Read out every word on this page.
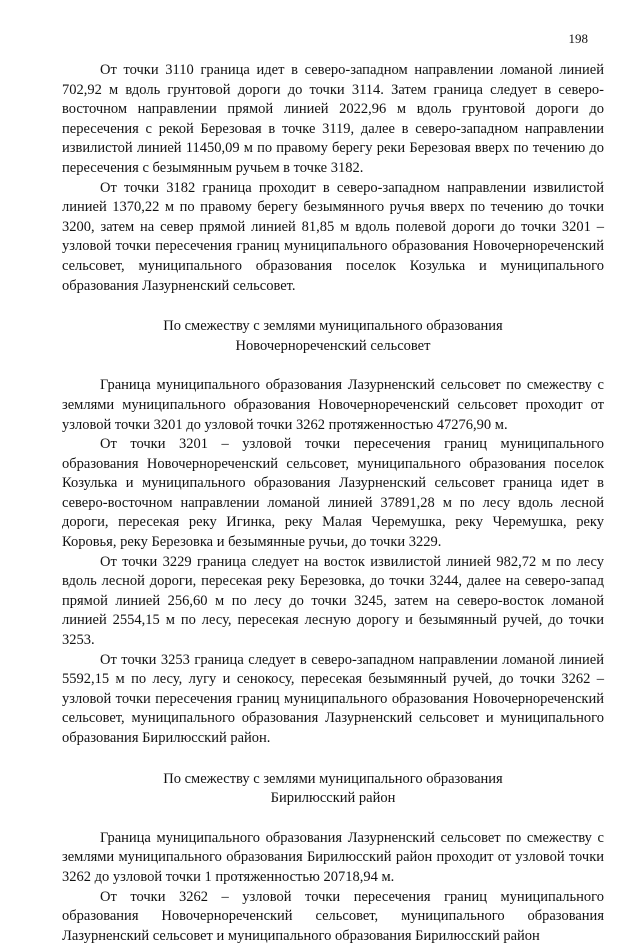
198

От точки 3110 граница идет в северо-западном направлении ломаной линией 702,92 м вдоль грунтовой дороги до точки 3114. Затем граница следует в северо-восточном направлении прямой линией 2022,96 м вдоль грунтовой дороги до пересечения с рекой Березовая в точке 3119, далее в северо-западном направлении извилистой линией 11450,09 м по правому берегу реки Березовая вверх по течению до пересечения с безымянным ручьем в точке 3182.

От точки 3182 граница проходит в северо-западном направлении извилистой линией 1370,22 м по правому берегу безымянного ручья вверх по течению до точки 3200, затем на север прямой линией 81,85 м вдоль полевой дороги до точки 3201 – узловой точки пересечения границ муниципального образования Новочернореченский сельсовет, муниципального образования поселок Козулька и муниципального образования Лазурненский сельсовет.

По смежеству с землями муниципального образования
Новочернореченский сельсовет

Граница муниципального образования Лазурненский сельсовет по смежеству с землями муниципального образования Новочернореченский сельсовет проходит от узловой точки 3201 до узловой точки 3262 протяженностью 47276,90 м.

От точки 3201 – узловой точки пересечения границ муниципального образования Новочернореченский сельсовет, муниципального образования поселок Козулька и муниципального образования Лазурненский сельсовет граница идет в северо-восточном направлении ломаной линией 37891,28 м по лесу вдоль лесной дороги, пересекая реку Игинка, реку Малая Черемушка, реку Черемушка, реку Коровья, реку Березовка и безымянные ручьи, до точки 3229.

От точки 3229 граница следует на восток извилистой линией 982,72 м по лесу вдоль лесной дороги, пересекая реку Березовка, до точки 3244, далее на северо-запад прямой линией 256,60 м по лесу до точки 3245, затем на северо-восток ломаной линией 2554,15 м по лесу, пересекая лесную дорогу и безымянный ручей, до точки 3253.

От точки 3253 граница следует в северо-западном направлении ломаной линией 5592,15 м по лесу, лугу и сенокосу, пересекая безымянный ручей, до точки 3262 – узловой точки пересечения границ муниципального образования Новочернореченский сельсовет, муниципального образования Лазурненский сельсовет и муниципального образования Бирилюсский район.

По смежеству с землями муниципального образования
Бирилюсский район

Граница муниципального образования Лазурненский сельсовет по смежеству с землями муниципального образования Бирилюсский район проходит от узловой точки 3262 до узловой точки 1 протяженностью 20718,94 м.

От точки 3262 – узловой точки пересечения границ муниципального образования Новочернореченский сельсовет, муниципального образования Лазурненский сельсовет и муниципального образования Бирилюсский район
